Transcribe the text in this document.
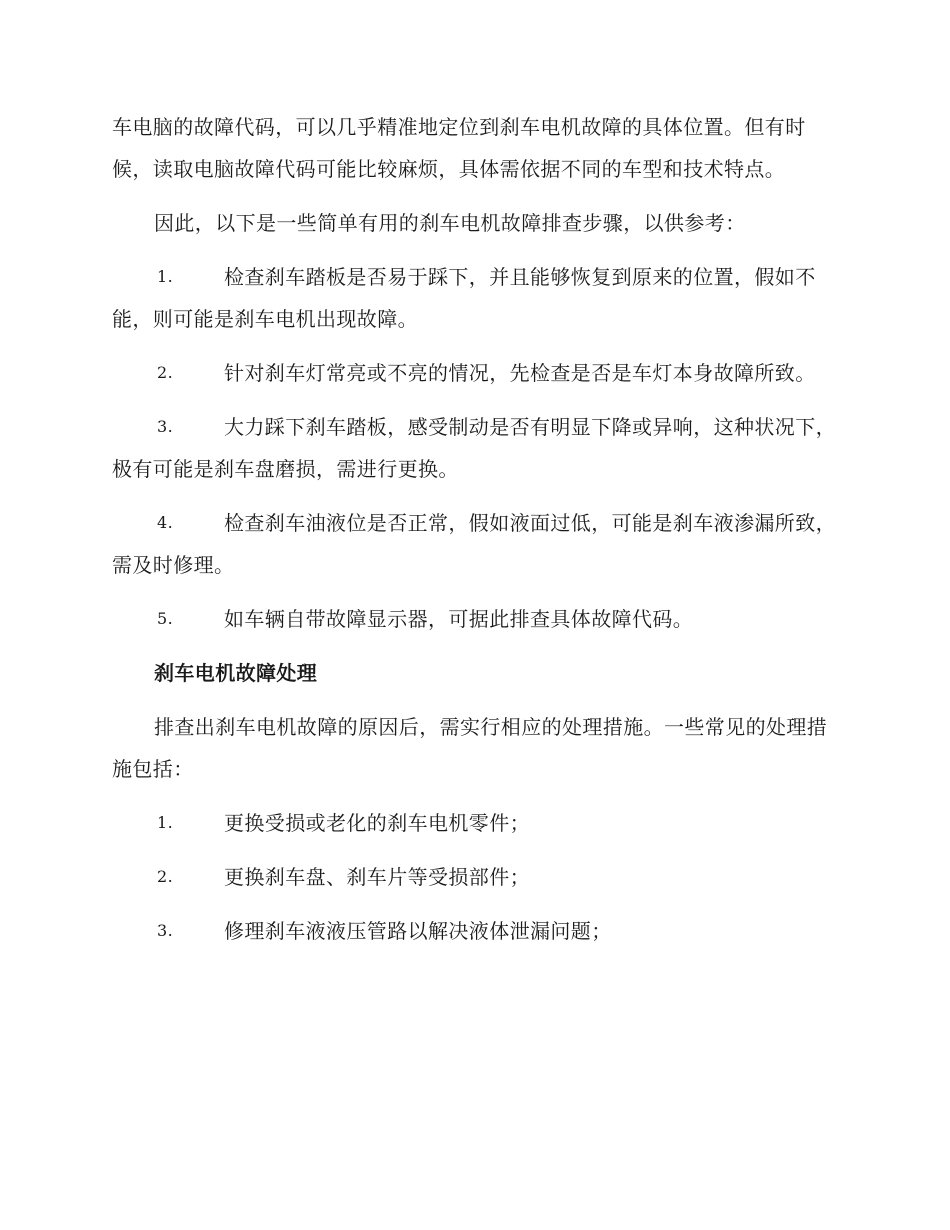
车电脑的故障代码，可以几乎精准地定位到刹车电机故障的具体位置。但有时候，读取电脑故障代码可能比较麻烦，具体需依据不同的车型和技术特点。

因此，以下是一些简单有用的刹车电机故障排查步骤，以供参考：

1.	检查刹车踏板是否易于踩下，并且能够恢复到原来的位置，假如不能，则可能是刹车电机出现故障。

2.	针对刹车灯常亮或不亮的情况，先检查是否是车灯本身故障所致。

3.	大力踩下刹车踏板，感受制动是否有明显下降或异响，这种状况下，极有可能是刹车盘磨损，需进行更换。

4.	检查刹车油液位是否正常，假如液面过低，可能是刹车液渗漏所致，需及时修理。

5.	如车辆自带故障显示器，可据此排查具体故障代码。

刹车电机故障处理

排查出刹车电机故障的原因后，需实行相应的处理措施。一些常见的处理措施包括：

1.	更换受损或老化的刹车电机零件；

2.	更换刹车盘、刹车片等受损部件；

3.	修理刹车液液压管路以解决液体泄漏问题；
